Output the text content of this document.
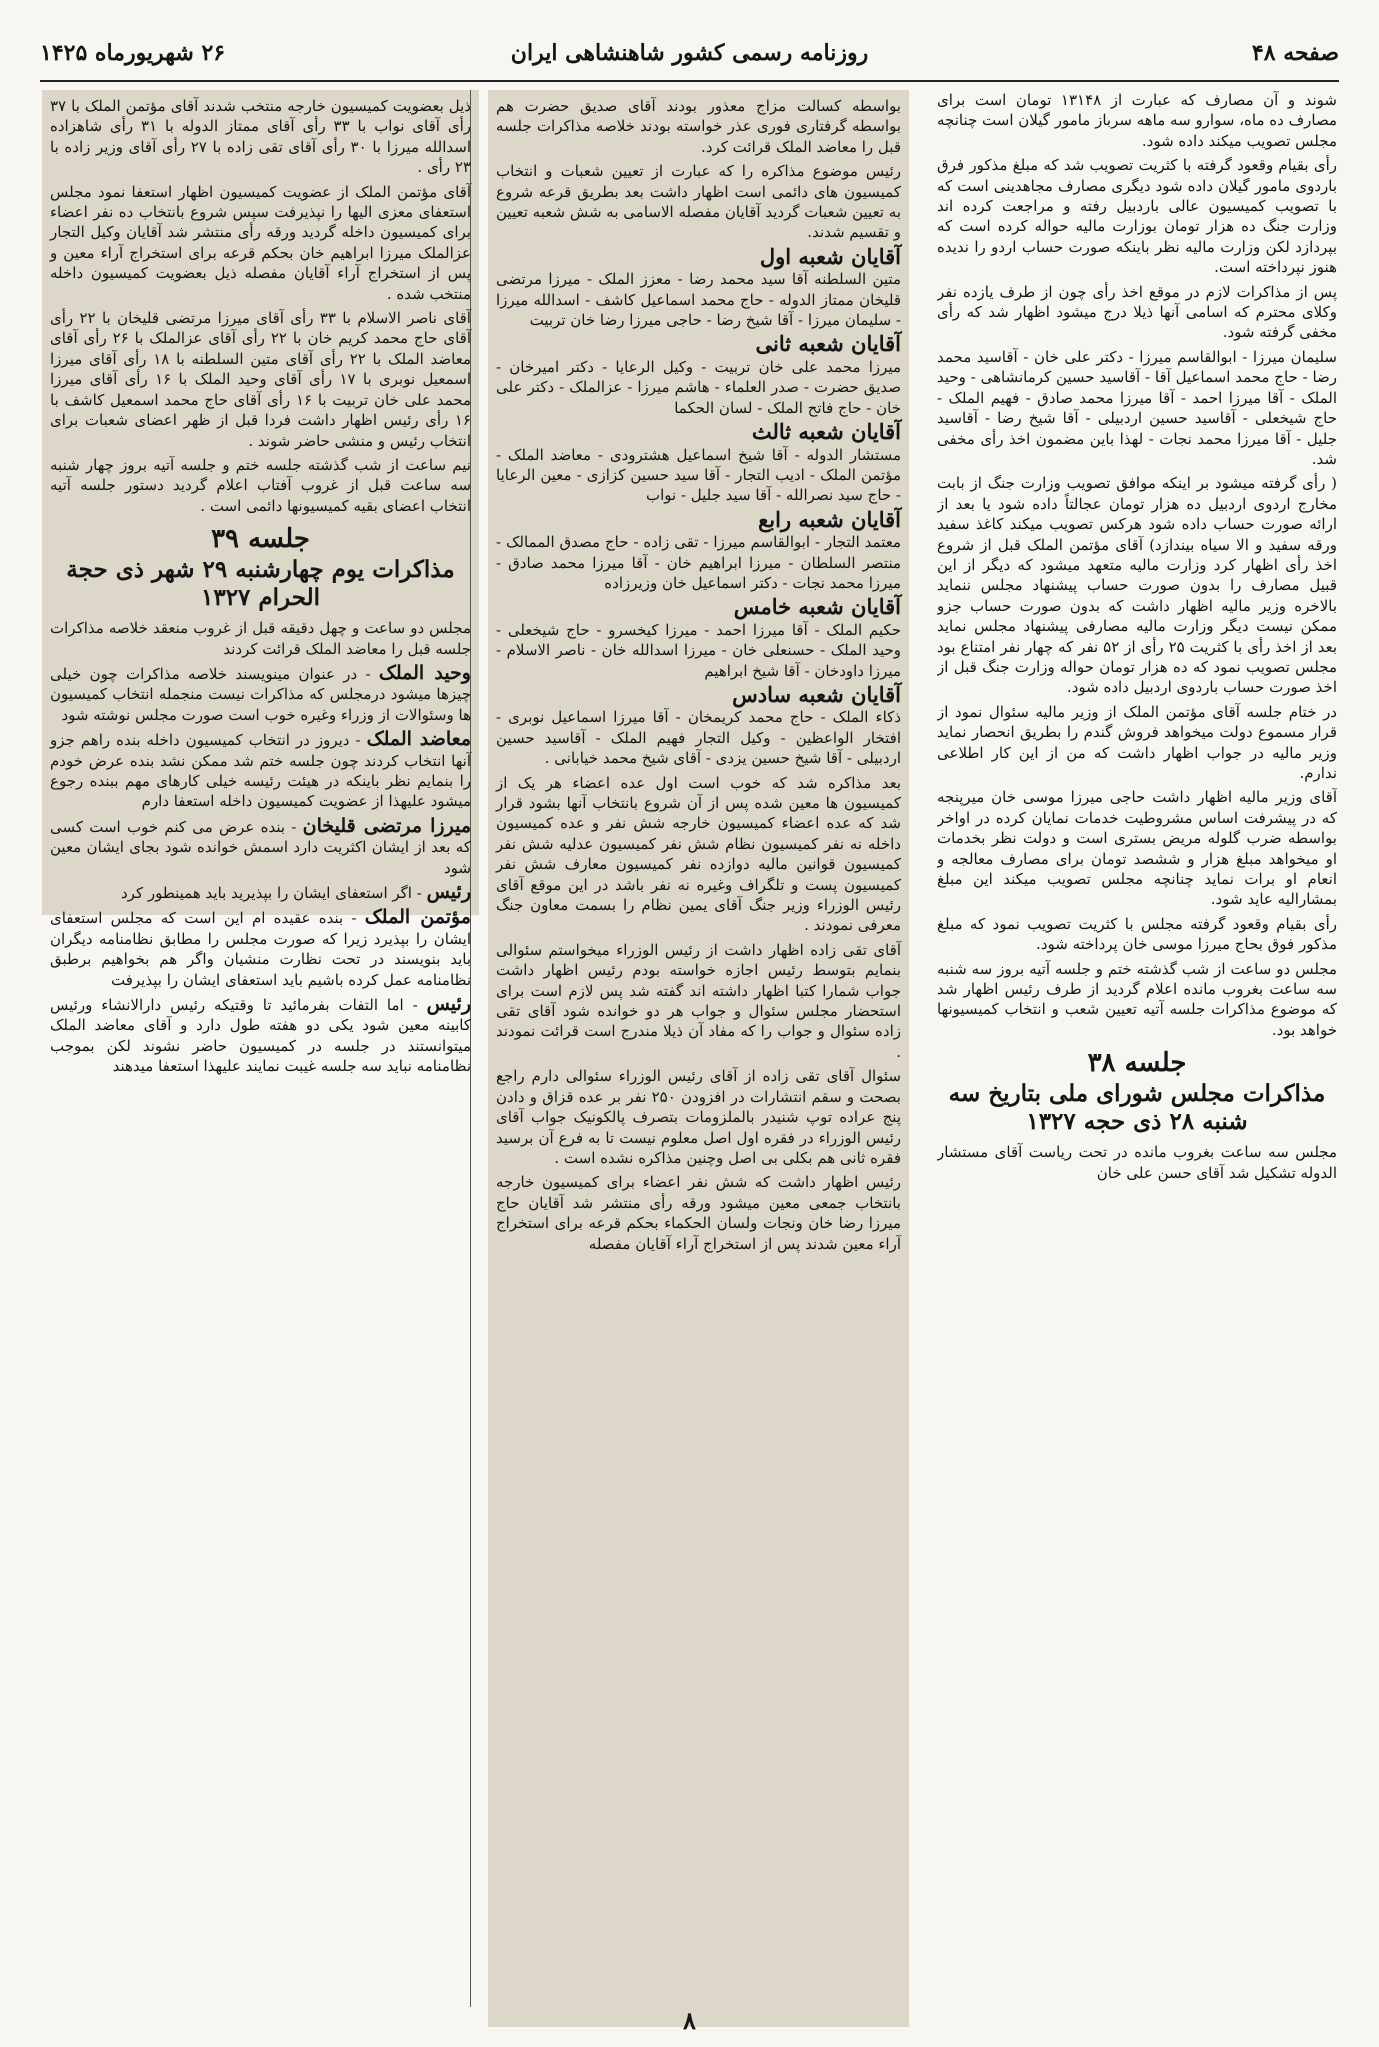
صفحه ۴۸
روزنامه رسمی کشور شاهنشاهی ایران
۲۶ شهریورماه ۱۴۲۵

شوند و آن مصارف که عبارت از ۱۳۱۴۸ تومان است برای مصارف ده ماه، سوارو سه ماهه سرباز مامور گیلان است چنانچه مجلس تصویب میکند داده شود.

رأی بقیام وقعود گرفته با کثریت تصویب شد که مبلغ مذکور فرق باردوی مامور گیلان داده شود دیگری مصارف مجاهدینی است که با تصویب کمیسیون عالی باردبیل رفته و مراجعت کرده اند وزارت جنگ ده هزار تومان بوزارت مالیه حواله کرده است که بپردازد لکن وزارت مالیه نظر باینکه صورت حساب اردو را ندیده هنوز نپرداخته است.

پس از مذاکرات لازم در موقع اخذ رأی چون از طرف یازده نفر وکلای محترم که اسامی آنها ذیلا درج میشود اظهار شد که رأی مخفی گرفته شود.

سلیمان میرزا - ابوالقاسم میرزا - دکتر علی خان - آقاسید محمد رضا - حاج محمد اسماعیل آقا - آقاسید حسین کرمانشاهی - وحید الملک - آقا میرزا احمد - آقا میرزا محمد صادق - فهیم الملک - حاج شیخعلی - آقاسید حسین اردبیلی - آقا شیخ رضا - آقاسید جلیل - آقا میرزا محمد نجات - لهذا باین مضمون اخذ رأی مخفی شد.

( رأی گرفته میشود بر اینکه موافق تصویب وزارت جنگ از بابت مخارج اردوی اردبیل ده هزار تومان عجالتاً داده شود یا بعد از ارائه صورت حساب داده شود هرکس تصویب میکند کاغذ سفید ورقه سفید و الا سیاه بیندازد) آقای مؤتمن الملک قبل از شروع اخذ رأی اظهار کرد وزارت مالیه متعهد میشود که دیگر از این قبیل مصارف را بدون صورت حساب پیشنهاد مجلس ننماید بالاخره وزیر مالیه اظهار داشت که بدون صورت حساب جزو ممکن نیست دیگر وزارت مالیه مصارفی پیشنهاد مجلس نماید بعد از اخذ رأی با کثریت ۲۵ رأی از ۵۲ نفر که چهار نفر امتناع بود مجلس تصویب نمود که ده هزار تومان حواله وزارت جنگ قبل از اخذ صورت حساب باردوی اردبیل داده شود.

در ختام جلسه آقای مؤتمن الملک از وزیر مالیه سئوال نمود از قرار مسموع دولت میخواهد فروش گندم را بطریق انحصار نماید وزیر مالیه در جواب اظهار داشت که من از این کار اطلاعی ندارم.

آقای وزیر مالیه اظهار داشت حاجی میرزا موسی خان میرپنجه که در پیشرفت اساس مشروطیت خدمات نمایان کرده در اواخر بواسطه ضرب گلوله مریض بستری است و دولت نظر بخدمات او میخواهد مبلغ هزار و ششصد تومان برای مصارف معالجه و انعام او برات نماید چنانچه مجلس تصویب میکند این مبلغ بمشارالیه عاید شود.

رأی بقیام وقعود گرفته مجلس با کثریت تصویب نمود که مبلغ مذکور فوق بحاج میرزا موسی خان پرداخته شود.

مجلس دو ساعت از شب گذشته ختم و جلسه آتیه بروز سه شنبه سه ساعت بغروب مانده اعلام گردید از طرف رئیس اظهار شد که موضوع مذاکرات جلسه آتیه تعیین شعب و انتخاب کمیسیونها خواهد بود.

جلسه ۳۸
مذاکرات مجلس شورای ملی بتاریخ سه شنبه ۲۸ ذی حجه ۱۳۲۷

مجلس سه ساعت بغروب مانده در تحت ریاست آقای مستشار الدوله تشکیل شد آقای حسن علی خان

بواسطه کسالت مزاج معذور بودند آقای صدیق حضرت هم بواسطه گرفتاری فوری عذر خواسته بودند خلاصه مذاکرات جلسه قبل را معاضد الملک قرائت کرد.

رئیس موضوع مذاکره را که عبارت از تعیین شعبات و انتخاب کمیسیون های دائمی است اظهار داشت بعد بطریق قرعه شروع به تعیین شعبات گردید آقایان مفصله الاسامی به شش شعبه تعیین و تقسیم شدند.

آقایان شعبه اول

متین السلطنه آقا سید محمد رضا - معزز الملک - میرزا مرتضی قلیخان ممتاز الدوله - حاج محمد اسماعیل کاشف - اسدالله میرزا - سلیمان میرزا - آقا شیخ رضا - حاجی میرزا رضا خان تربیت

آقایان شعبه ثانی

میرزا محمد علی خان تربیت - وکیل الرعایا - دکتر امیرخان - صدیق حضرت - صدر العلماء - هاشم میرزا - عزالملک - دکتر علی خان - حاج فاتح الملک - لسان الحکما

آقایان شعبه ثالث

مستشار الدوله - آقا شیخ اسماعیل هشترودی - معاضد الملک - مؤتمن الملک - ادیب التجار - آقا سید حسین کزازی - معین الرعایا - حاج سید نصرالله - آقا سید جلیل - نواب

آقایان شعبه رابع

معتمد التجار - ابوالقاسم میرزا - تقی زاده - حاج مصدق الممالک - منتصر السلطان - میرزا ابراهیم خان - آقا میرزا محمد صادق - میرزا محمد نجات - دکتر اسماعیل خان وزیرزاده

آقایان شعبه خامس

حکیم الملک - آقا میرزا احمد - میرزا کیخسرو - حاج شیخعلی - وحید الملک - حسنعلی خان - میرزا اسدالله خان - ناصر الاسلام - میرزا داودخان - آقا شیخ ابراهیم

آقایان شعبه سادس

ذکاء الملک - حاج محمد کریمخان - آقا میرزا اسماعیل نوبری - افتخار الواعظین - وکیل التجار فهیم الملک - آقاسید حسین اردبیلی - آقا شیخ حسین یزدی - آقای شیخ محمد خیابانی .

بعد مذاکره شد که خوب است اول عده اعضاء هر یک از کمیسیون ها معین شده پس از آن شروع بانتخاب آنها بشود قرار شد که عده اعضاء کمیسیون خارجه شش نفر و عده کمیسیون داخله نه نفر کمیسیون نظام شش نفر کمیسیون عدلیه شش نفر کمیسیون قوانین مالیه دوازده نفر کمیسیون معارف شش نفر کمیسیون پست و تلگراف وغیره نه نفر باشد در این موقع آقای رئیس الوزراء وزیر جنگ آقای یمین نظام را بسمت معاون جنگ معرفی نمودند .

آقای تقی زاده اظهار داشت از رئیس الوزراء میخواستم سئوالی بنمایم بتوسط رئیس اجازه خواسته بودم رئیس اظهار داشت جواب شمارا کتبا اظهار داشته اند گفته شد پس لازم است برای استحضار مجلس سئوال و جواب هر دو خوانده شود آقای تقی زاده سئوال و جواب را که مفاد آن ذیلا مندرج است قرائت نمودند .

سئوال آقای تقی زاده از آقای رئیس الوزراء سئوالی دارم راجع بصحت و سقم انتشارات در افزودن ۲۵۰ نفر بر عده قزاق و دادن پنج عراده توپ شنیدر بالملزومات بتصرف پالکونیک جواب آقای رئیس الوزراء در فقره اول اصل معلوم نیست تا به فرع آن برسید فقره ثانی هم بکلی بی اصل وچنین مذاکره نشده است .

رئیس اظهار داشت که شش نفر اعضاء برای کمیسیون خارجه بانتخاب جمعی معین میشود ورقه رأی منتشر شد آقایان حاج میرزا رضا خان ونجات ولسان الحکماء بحکم قرعه برای استخراج آراء معین شدند پس از استخراج آراء آقایان مفصله

ذیل بعضویت کمیسیون خارجه منتخب شدند آقای مؤتمن الملک با ۳۷ رأی آقای نواب با ۳۳ رأی آقای ممتاز الدوله با ۳۱ رأی شاهزاده اسدالله میرزا با ۳۰ رأی آقای تقی زاده با ۲۷ رأی آقای وزیر زاده با ۲۳ رأی .

آقای مؤتمن الملک از عضویت کمیسیون اظهار استعفا نمود مجلس استعفای معزی الیها را نپذیرفت سپس شروع بانتخاب ده نفر اعضاء برای کمیسیون داخله گردید ورقه رأی منتشر شد آقایان وکیل التجار عزالملک میرزا ابراهیم خان بحکم قرعه برای استخراج آراء معین و پس از استخراج آراء آقایان مفصله ذیل بعضویت کمیسیون داخله منتخب شده .

آقای ناصر الاسلام با ۳۳ رأی آقای میرزا مرتضی قلیخان با ۲۲ رأی آقای حاج محمد کریم خان با ۲۲ رأی آقای عزالملک با ۲۶ رأی آقای معاضد الملک با ۲۲ رأی آقای متین السلطنه با ۱۸ رأی آقای میرزا اسمعیل نوبری با ۱۷ رأی آقای وحید الملک با ۱۶ رأی آقای میرزا محمد علی خان تربیت با ۱۶ رأی آقای حاج محمد اسمعیل کاشف با ۱۶ رأی رئیس اظهار داشت فردا قبل از ظهر اعضای شعبات برای انتخاب رئیس و منشی حاضر شوند .

نیم ساعت از شب گذشته جلسه ختم و جلسه آتیه بروز چهار شنبه سه ساعت قبل از غروب آفتاب اعلام گردید دستور جلسه آتیه انتخاب اعضای بقیه کمیسیونها دائمی است .

جلسه ۳۹
مذاکرات یوم چهارشنبه ۲۹ شهر ذی حجة الحرام ۱۳۲۷

مجلس دو ساعت و چهل دقیقه قبل از غروب منعقد خلاصه مذاکرات جلسه قبل را معاضد الملک قرائت کردند

وحید الملک - در عنوان مینویسند خلاصه مذاکرات چون خیلی چیزها میشود درمجلس که مذاکرات نیست منجمله انتخاب کمیسیون ها وسئوالات از وزراء وغیره خوب است صورت مجلس نوشته شود

معاضد الملک - دیروز در انتخاب کمیسیون داخله بنده راهم جزو آنها انتخاب کردند چون جلسه ختم شد ممکن نشد بنده عرض خودم را بنمایم نظر باینکه در هیئت رئیسه خیلی کارهای مهم ببنده رجوع میشود علیهذا از عضویت کمیسیون داخله استعفا دارم

میرزا مرتضی قلیخان - بنده عرض می کنم خوب است کسی که بعد از ایشان اکثریت دارد اسمش خوانده شود بجای ایشان معین شود

رئیس - اگر استعفای ایشان را بپذیرید باید همینطور کرد

مؤتمن الملک - بنده عقیده ام این است که مجلس استعفای ایشان را بپذیرد زیرا که صورت مجلس را مطابق نظامنامه دیگران باید بنویسند در تحت نظارت منشیان واگر هم بخواهیم برطبق نظامنامه عمل کرده باشیم باید استعفای ایشان را بپذیرفت

رئیس - اما التفات بفرمائید تا وقتیکه رئیس دارالانشاء ورئیس کابینه معین شود یکی دو هفته طول دارد و آقای معاضد الملک میتوانستند در جلسه در کمیسیون حاضر نشوند لکن بموجب نظامنامه نباید سه جلسه غیبت نمایند علیهذا استعفا میدهند

۸
